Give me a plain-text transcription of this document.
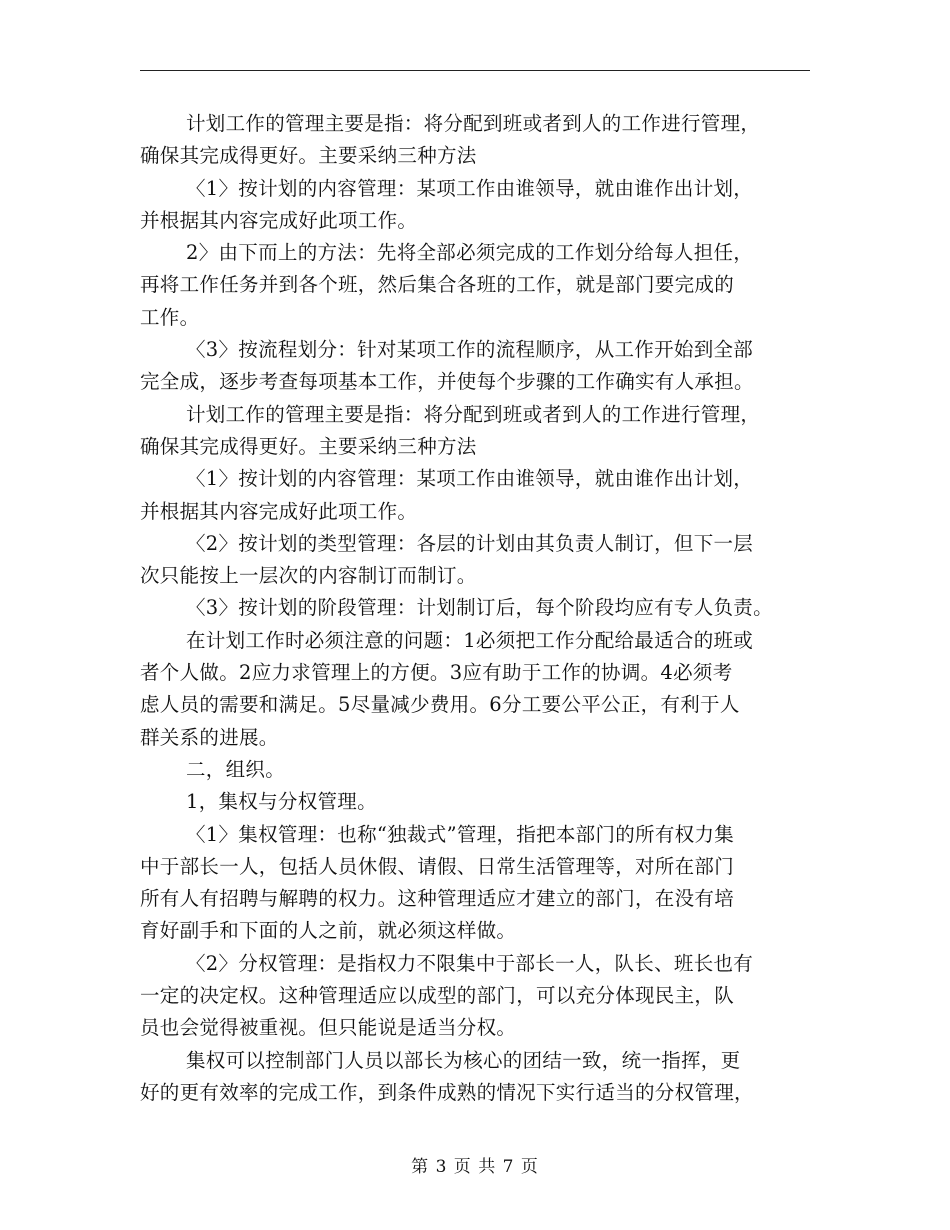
计划工作的管理主要是指：将分配到班或者到人的工作进行管理，
确保其完成得更好。主要采纳三种方法
〈1〉按计划的内容管理：某项工作由谁领导，就由谁作出计划，
并根据其内容完成好此项工作。
2〉由下而上的方法：先将全部必须完成的工作划分给每人担任，
再将工作任务并到各个班，然后集合各班的工作，就是部门要完成的
工作。
〈3〉按流程划分：针对某项工作的流程顺序，从工作开始到全部
完全成，逐步考查每项基本工作，并使每个步骤的工作确实有人承担。
计划工作的管理主要是指：将分配到班或者到人的工作进行管理，
确保其完成得更好。主要采纳三种方法
〈1〉按计划的内容管理：某项工作由谁领导，就由谁作出计划，
并根据其内容完成好此项工作。
〈2〉按计划的类型管理：各层的计划由其负责人制订，但下一层
次只能按上一层次的内容制订而制订。
〈3〉按计划的阶段管理：计划制订后，每个阶段均应有专人负责。
在计划工作时必须注意的问题：1必须把工作分配给最适合的班或
者个人做。2应力求管理上的方便。3应有助于工作的协调。4必须考
虑人员的需要和满足。5尽量减少费用。6分工要公平公正，有利于人
群关系的进展。
二，组织。
1，集权与分权管理。
〈1〉集权管理：也称“独裁式”管理，指把本部门的所有权力集
中于部长一人，包括人员休假、请假、日常生活管理等，对所在部门
所有人有招聘与解聘的权力。这种管理适应才建立的部门，在没有培
育好副手和下面的人之前，就必须这样做。
〈2〉分权管理：是指权力不限集中于部长一人，队长、班长也有
一定的决定权。这种管理适应以成型的部门，可以充分体现民主，队
员也会觉得被重视。但只能说是适当分权。
集权可以控制部门人员以部长为核心的团结一致，统一指挥，更
好的更有效率的完成工作，到条件成熟的情况下实行适当的分权管理，
第 3 页 共 7 页
